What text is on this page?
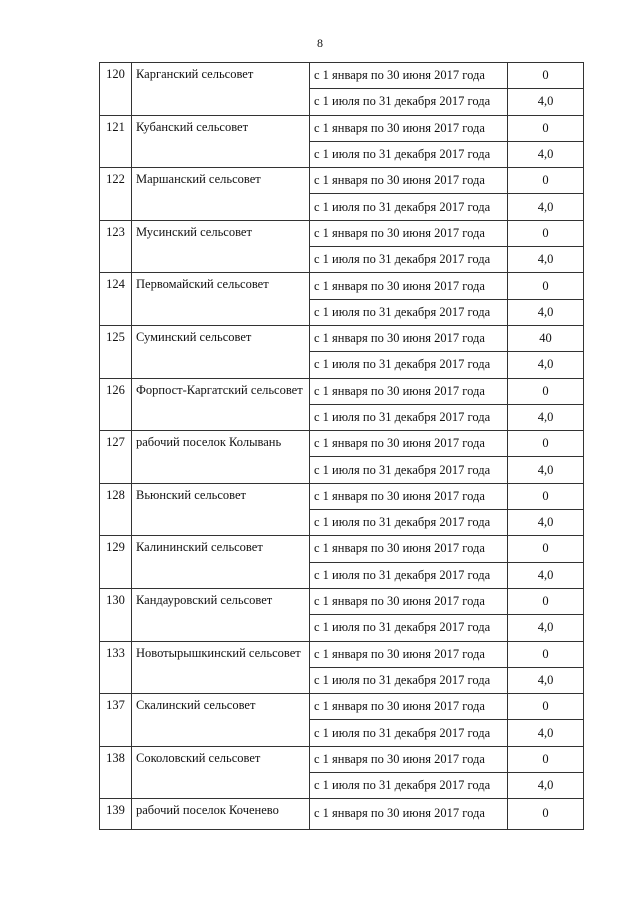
8
120	Карганский сельсовет	с 1 января по 30 июня 2017 года	0
		с 1 июля по 31 декабря 2017 года	4,0
121	Кубанский сельсовет	с 1 января по 30 июня 2017 года	0
		с 1 июля по 31 декабря 2017 года	4,0
122	Маршанский сельсовет	с 1 января по 30 июня 2017 года	0
		с 1 июля по 31 декабря 2017 года	4,0
123	Мусинский сельсовет	с 1 января по 30 июня 2017 года	0
		с 1 июля по 31 декабря 2017 года	4,0
124	Первомайский сельсовет	с 1 января по 30 июня 2017 года	0
		с 1 июля по 31 декабря 2017 года	4,0
125	Суминский сельсовет	с 1 января по 30 июня 2017 года	40
		с 1 июля по 31 декабря 2017 года	4,0
126	Форпост-Каргатский сельсовет	с 1 января по 30 июня 2017 года	0
		с 1 июля по 31 декабря 2017 года	4,0
127	рабочий поселок Колывань	с 1 января по 30 июня 2017 года	0
		с 1 июля по 31 декабря 2017 года	4,0
128	Вьюнский сельсовет	с 1 января по 30 июня 2017 года	0
		с 1 июля по 31 декабря 2017 года	4,0
129	Калининский сельсовет	с 1 января по 30 июня 2017 года	0
		с 1 июля по 31 декабря 2017 года	4,0
130	Кандауровский сельсовет	с 1 января по 30 июня 2017 года	0
		с 1 июля по 31 декабря 2017 года	4,0
133	Новотырышкинский сельсовет	с 1 января по 30 июня 2017 года	0
		с 1 июля по 31 декабря 2017 года	4,0
137	Скалинский сельсовет	с 1 января по 30 июня 2017 года	0
		с 1 июля по 31 декабря 2017 года	4,0
138	Соколовский сельсовет	с 1 января по 30 июня 2017 года	0
		с 1 июля по 31 декабря 2017 года	4,0
139	рабочий поселок Коченево	с 1 января по 30 июня 2017 года	0
